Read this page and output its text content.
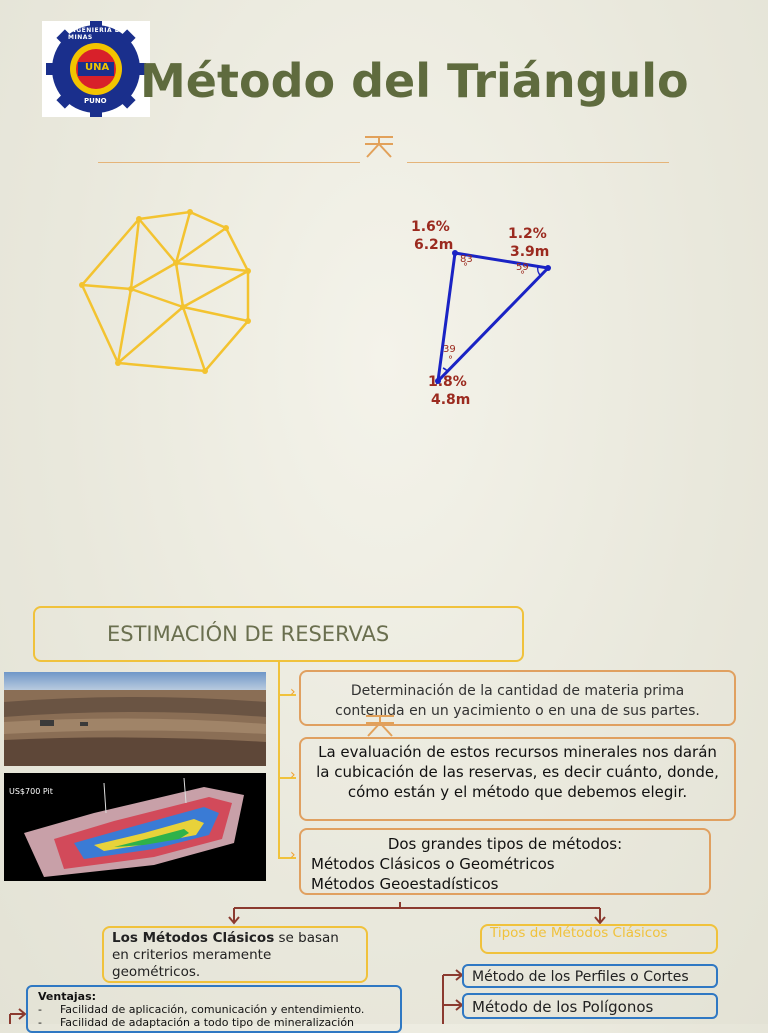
UNA
INGENIERIA DE MINAS
PUNO Método del Triángulo
1.6%
6.2m
1.2%
3.9m
1.8%
4.8m
83
°	59
°
39
°
ESTIMACIÓN DE RESERVAS
›
›
›
US$700 Pit
Determinación de la cantidad de materia prima contenida en un yacimiento o en una de sus partes.
La evaluación de estos recursos minerales nos darán la cubicación de las reservas, es decir cuánto, donde, cómo están y el método que debemos elegir.
Dos grandes tipos de métodos:
Métodos Clásicos o Geométricos
Métodos Geoestadísticos
Los Métodos Clásicos se basan en criterios meramente geométricos.
Tipos de Métodos Clásicos
Método de los Perfiles o Cortes
Método de los Polígonos
Ventajas:
- Facilidad de aplicación, comunicación y entendimiento.
- Facilidad de adaptación a todo tipo de mineralización
